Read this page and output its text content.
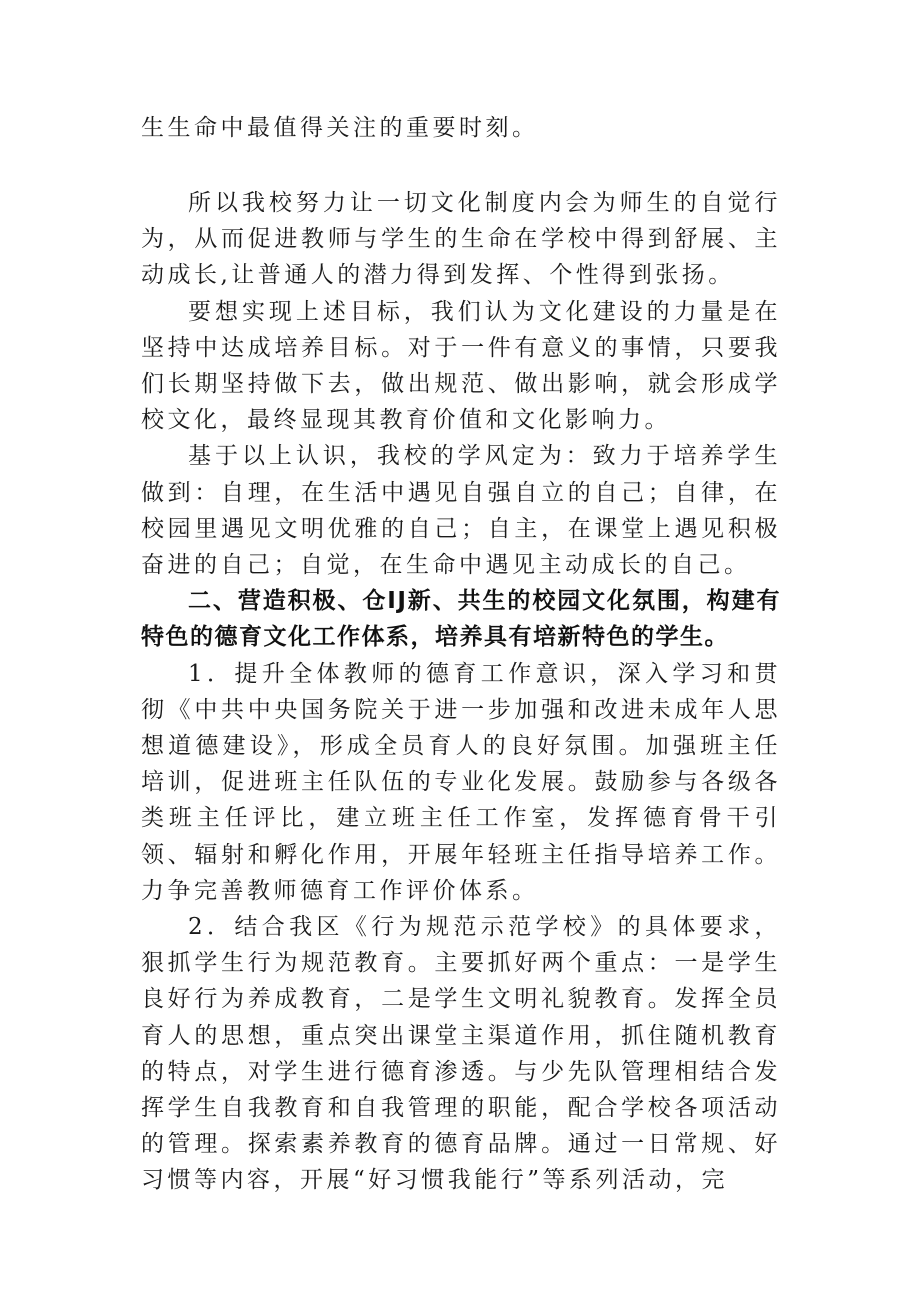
生生命中最值得关注的重要时刻。

所以我校努力让一切文化制度内会为师生的自觉行为，从而促进教师与学生的生命在学校中得到舒展、主动成长,让普通人的潜力得到发挥、个性得到张扬。

要想实现上述目标，我们认为文化建设的力量是在坚持中达成培养目标。对于一件有意义的事情，只要我们长期坚持做下去，做出规范、做出影响，就会形成学校文化，最终显现其教育价值和文化影响力。

基于以上认识，我校的学风定为：致力于培养学生做到：自理，在生活中遇见自强自立的自己；自律，在校园里遇见文明优雅的自己；自主，在课堂上遇见积极奋进的自己；自觉，在生命中遇见主动成长的自己。

二、营造积极、仓IJ新、共生的校园文化氛围，构建有特色的德育文化工作体系，培养具有培新特色的学生。

1．提升全体教师的德育工作意识，深入学习和贯彻《中共中央国务院关于进一步加强和改进未成年人思想道德建设》，形成全员育人的良好氛围。加强班主任培训，促进班主任队伍的专业化发展。鼓励参与各级各类班主任评比，建立班主任工作室，发挥德育骨干引领、辐射和孵化作用，开展年轻班主任指导培养工作。力争完善教师德育工作评价体系。

2．结合我区《行为规范示范学校》的具体要求，狠抓学生行为规范教育。主要抓好两个重点：一是学生良好行为养成教育，二是学生文明礼貌教育。发挥全员育人的思想，重点突出课堂主渠道作用，抓住随机教育的特点，对学生进行德育渗透。与少先队管理相结合发挥学生自我教育和自我管理的职能，配合学校各项活动的管理。探索素养教育的德育品牌。通过一日常规、好习惯等内容，开展“好习惯我能行”等系列活动，完
